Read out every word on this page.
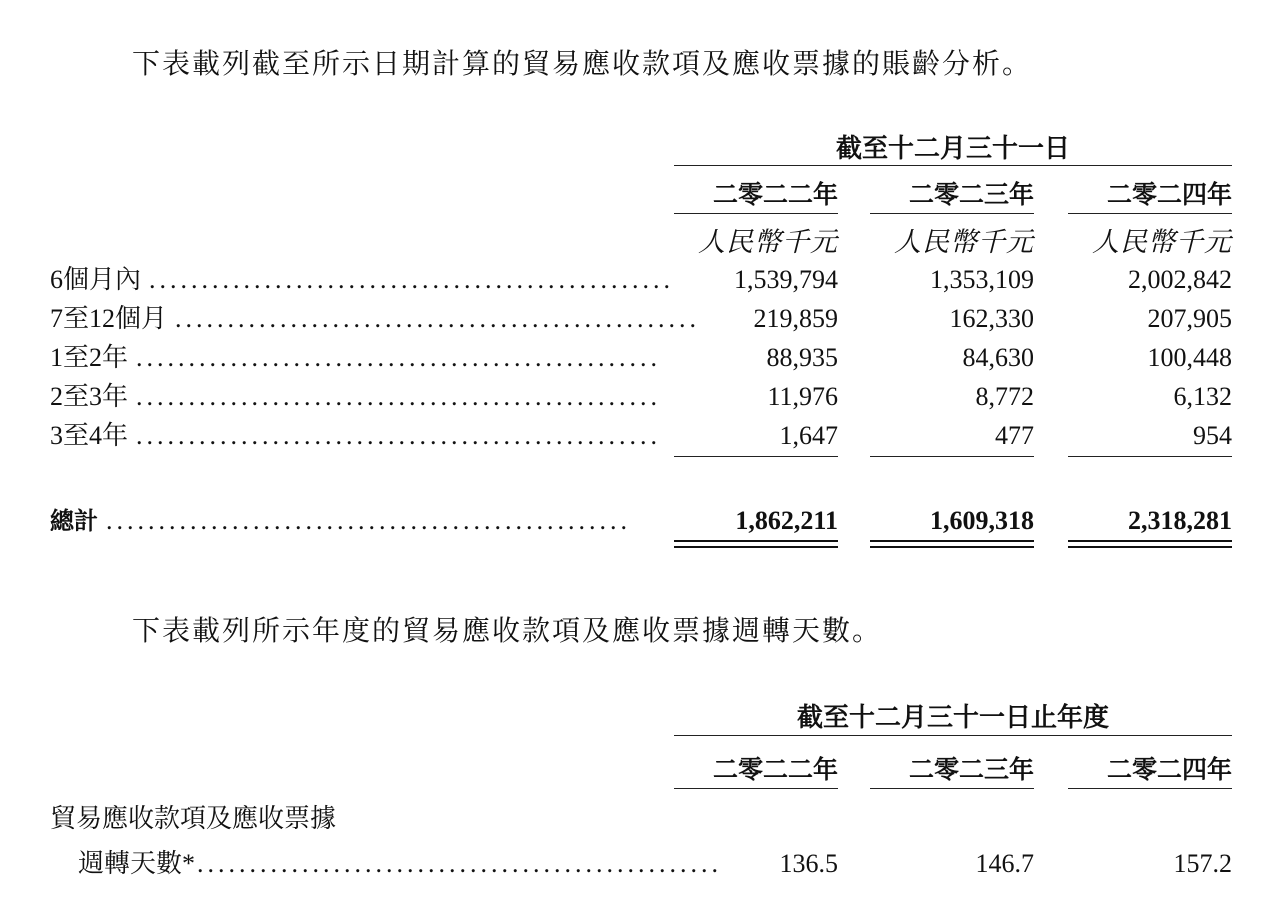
下表載列截至所示日期計算的貿易應收款項及應收票據的賬齡分析。
截至十二月三十一日
二零二二年	二零二三年	二零二四年
人民幣千元	人民幣千元	人民幣千元
6個月內 ..................................................	1,539,794	1,353,109	2,002,842
7至12個月 ..................................................	219,859	162,330	207,905
1至2年 ..................................................	88,935	84,630	100,448
2至3年 ..................................................	11,976	8,772	6,132
3至4年 ..................................................	1,647	477	954
總計 ..................................................	1,862,211	1,609,318	2,318,281
下表載列所示年度的貿易應收款項及應收票據週轉天數。
截至十二月三十一日止年度
二零二二年	二零二三年	二零二四年
貿易應收款項及應收票據
週轉天數*..................................................	136.5	146.7	157.2
